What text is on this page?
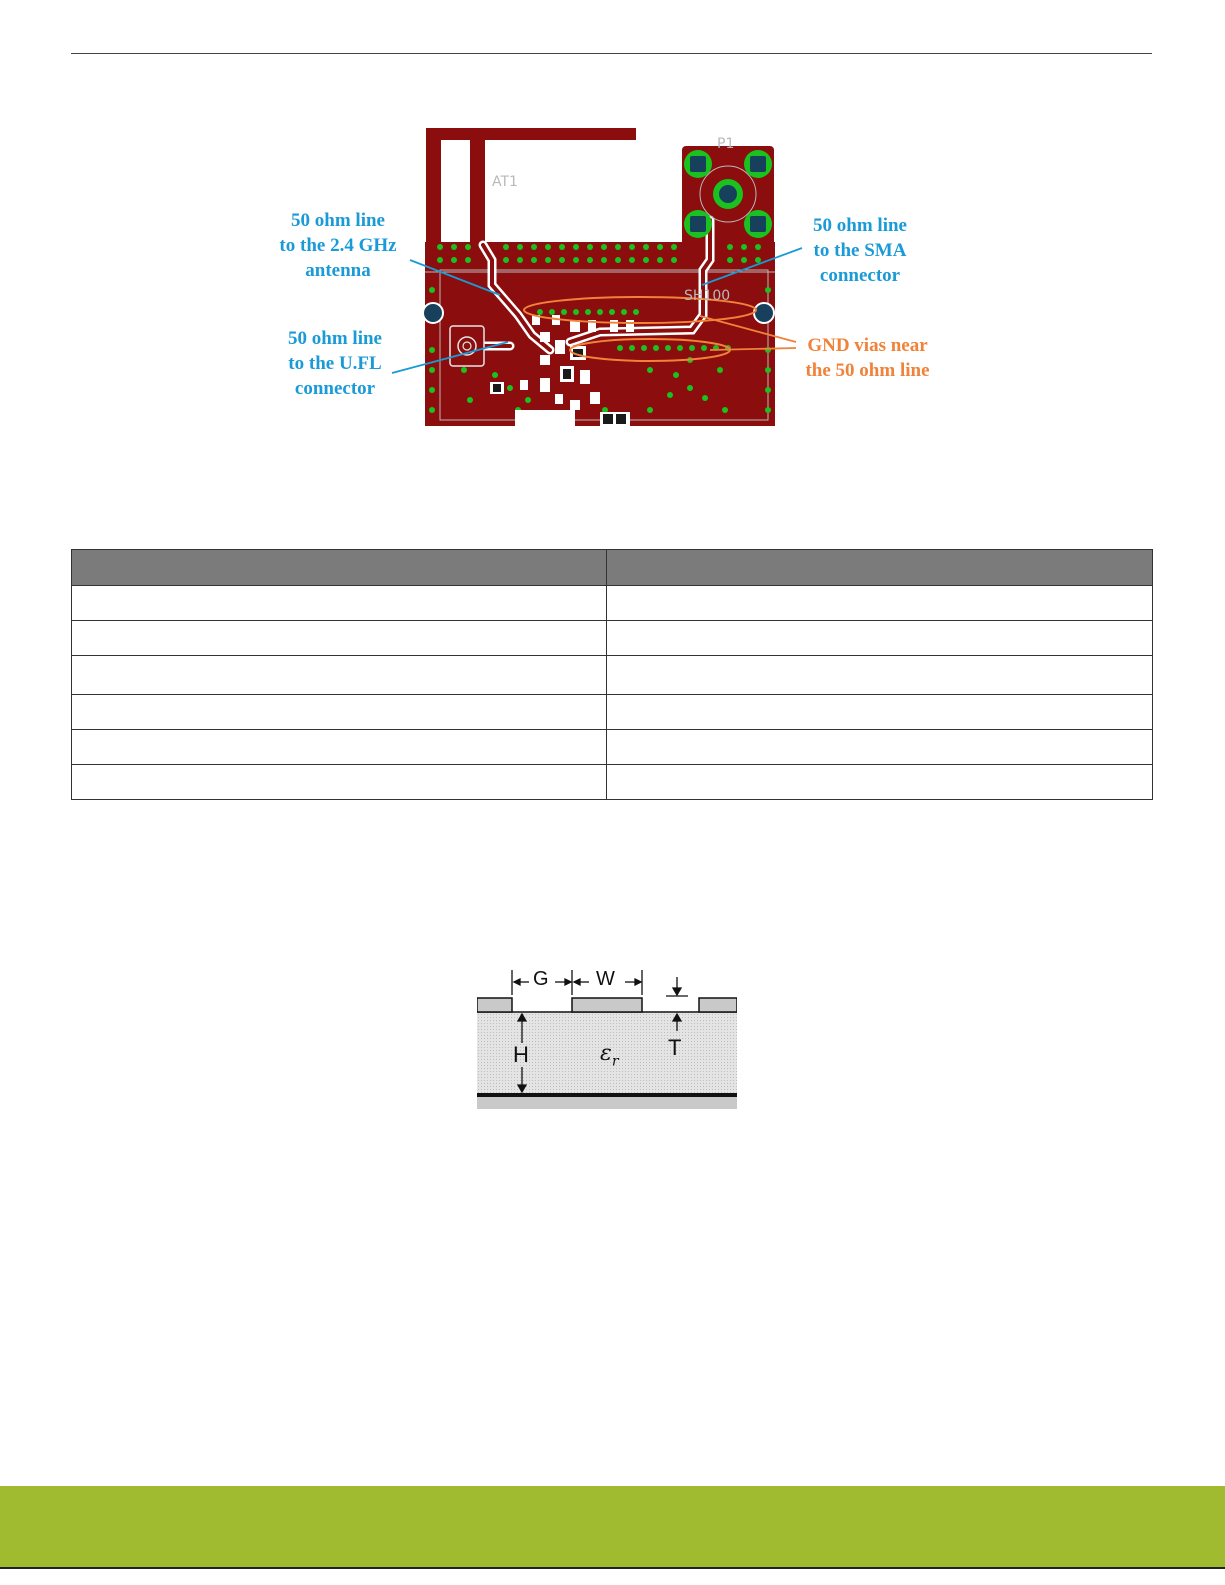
AT1
P1
SH100
50 ohm line
to the 2.4 GHz
antenna
50 ohm line
to the U.FL
connector
50 ohm line
to the SMA
connector
GND vias near
the 50 ohm line

G W
H	T
$\varepsilon_r$
